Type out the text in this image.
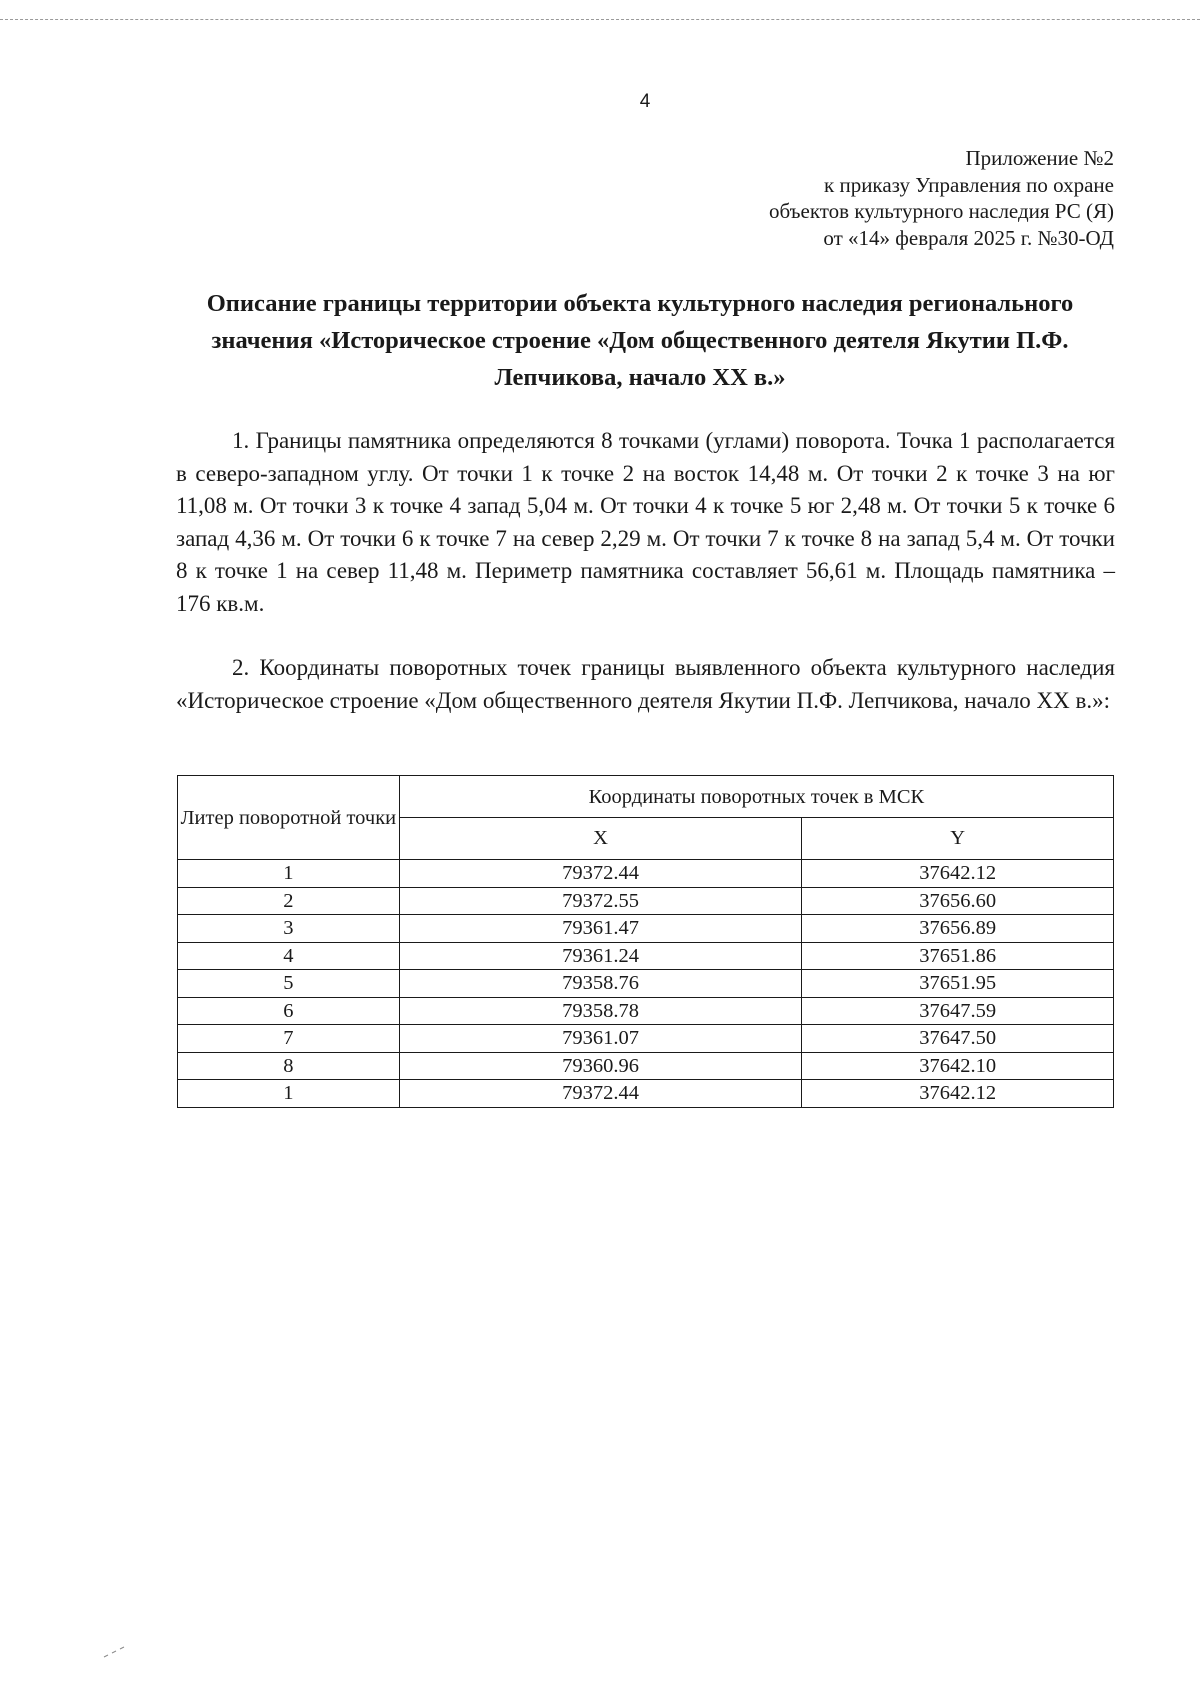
4
Приложение №2
к приказу Управления по охране
объектов культурного наследия РС (Я)
от «14» февраля 2025 г. №30-ОД
Описание границы территории объекта культурного наследия регионального значения «Историческое строение «Дом общественного деятеля Якутии П.Ф. Лепчикова, начало XX в.»

1. Границы памятника определяются 8 точками (углами) поворота. Точка 1 располагается в северо-западном углу. От точки 1 к точке 2 на восток 14,48 м. От точки 2 к точке 3 на юг 11,08 м. От точки 3 к точке 4 запад 5,04 м. От точки 4 к точке 5 юг 2,48 м. От точки 5 к точке 6 запад 4,36 м. От точки 6 к точке 7 на север 2,29 м. От точки 7 к точке 8 на запад 5,4 м. От точки 8 к точке 1 на север 11,48 м. Периметр памятника составляет 56,61 м. Площадь памятника – 176 кв.м.

2. Координаты поворотных точек границы выявленного объекта культурного наследия «Историческое строение «Дом общественного деятеля Якутии П.Ф. Лепчикова, начало XX в.»:

Литер поворотной точки	Координаты поворотных точек в МСК	
	X	Y
1	79372.44	37642.12
2	79372.55	37656.60
3	79361.47	37656.89
4	79361.24	37651.86
5	79358.76	37651.95
6	79358.78	37647.59
7	79361.07	37647.50
8	79360.96	37642.10
1	79372.44	37642.12
